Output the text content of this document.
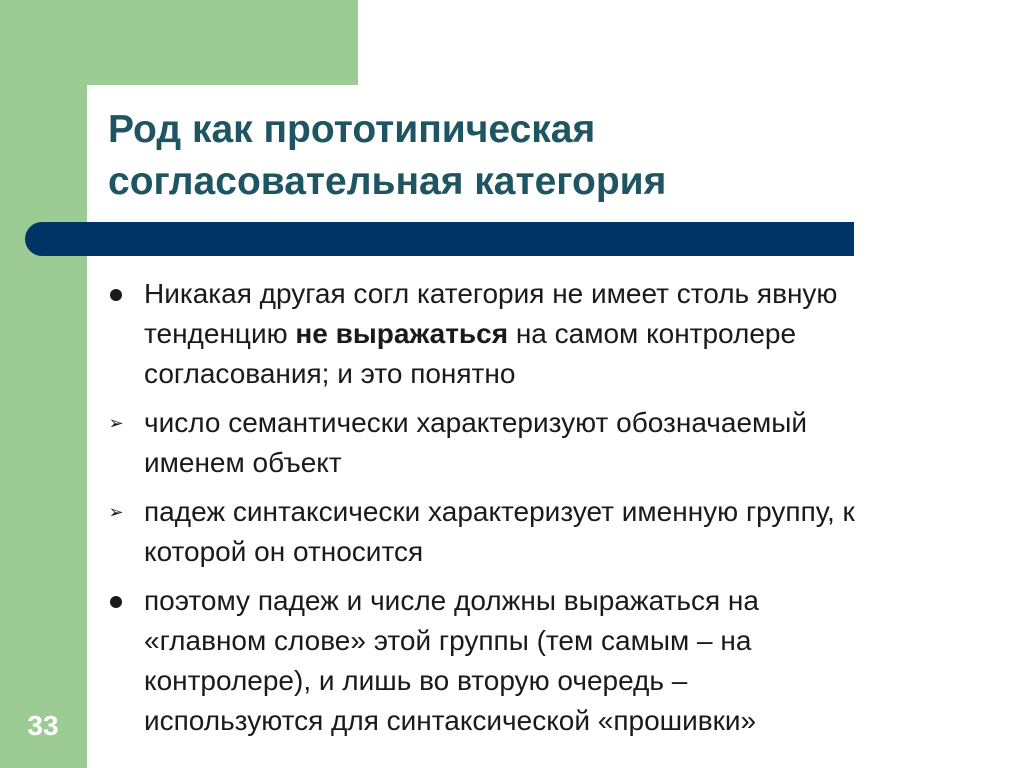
Род как прототипическая
согласовательная категория
Никакая другая согл категория не имеет столь явную
тенденцию не выражаться на самом контролере
согласования; и это понятно
➢ число семантически характеризуют обозначаемый
именем объект
➢ падеж синтаксически характеризует именную группу, к
которой он относится
поэтому падеж и числе должны выражаться на
«главном слове» этой группы (тем самым – на
контролере), и лишь во вторую очередь –
используются для синтаксической «прошивки»
33
